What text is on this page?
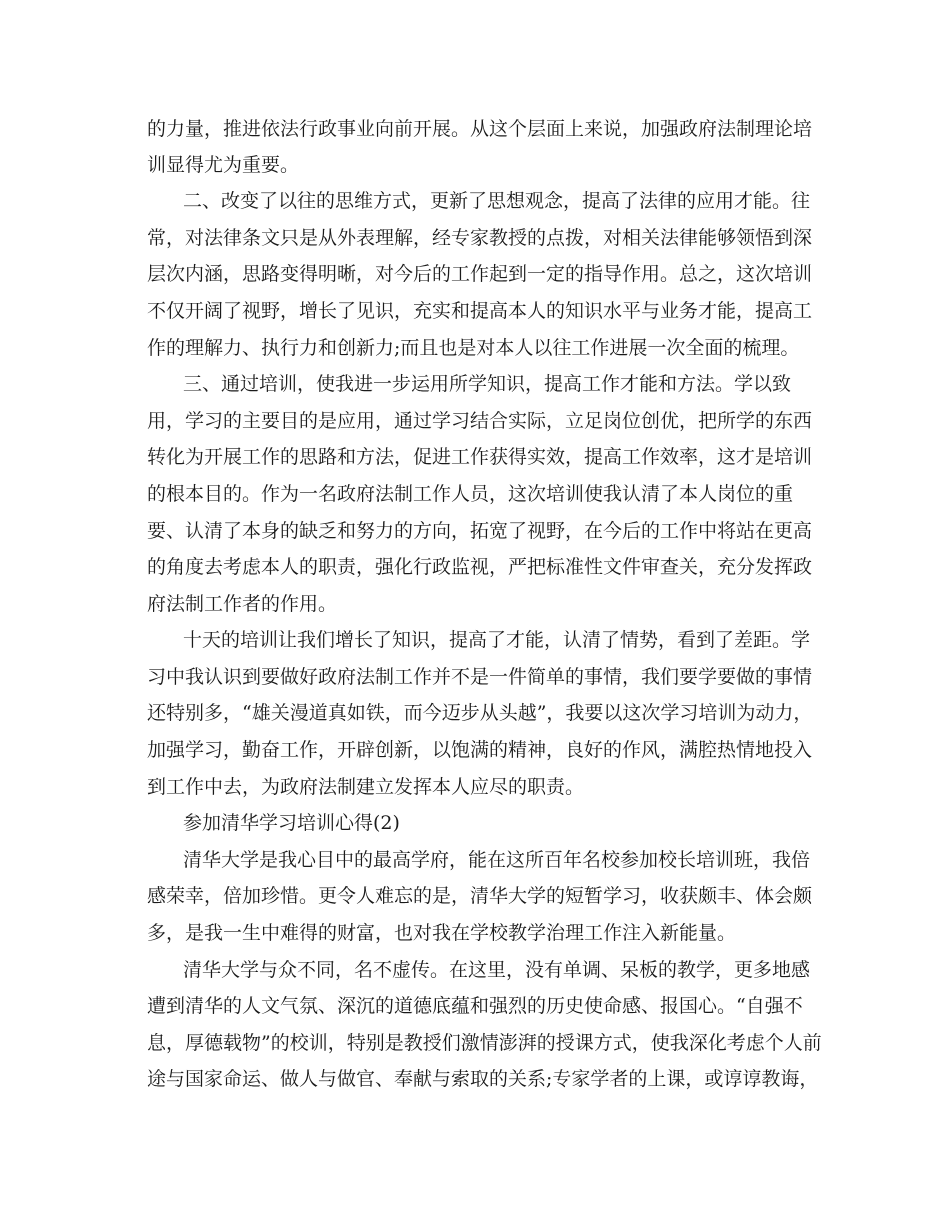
的力量，推进依法行政事业向前开展。从这个层面上来说，加强政府法制理论培

训显得尤为重要。

二、改变了以往的思维方式，更新了思想观念，提高了法律的应用才能。往

常，对法律条文只是从外表理解，经专家教授的点拨，对相关法律能够领悟到深

层次内涵，思路变得明晰，对今后的工作起到一定的指导作用。总之，这次培训

不仅开阔了视野，增长了见识，充实和提高本人的知识水平与业务才能，提高工

作的理解力、执行力和创新力;而且也是对本人以往工作进展一次全面的梳理。

三、通过培训，使我进一步运用所学知识，提高工作才能和方法。学以致

用，学习的主要目的是应用，通过学习结合实际，立足岗位创优，把所学的东西

转化为开展工作的思路和方法，促进工作获得实效，提高工作效率，这才是培训

的根本目的。作为一名政府法制工作人员，这次培训使我认清了本人岗位的重

要、认清了本身的缺乏和努力的方向，拓宽了视野，在今后的工作中将站在更高

的角度去考虑本人的职责，强化行政监视，严把标准性文件审查关，充分发挥政

府法制工作者的作用。

十天的培训让我们增长了知识，提高了才能，认清了情势，看到了差距。学

习中我认识到要做好政府法制工作并不是一件简单的事情，我们要学要做的事情

还特别多，“雄关漫道真如铁，而今迈步从头越”，我要以这次学习培训为动力，

加强学习，勤奋工作，开辟创新，以饱满的精神，良好的作风，满腔热情地投入

到工作中去，为政府法制建立发挥本人应尽的职责。

参加清华学习培训心得(2)

清华大学是我心目中的最高学府，能在这所百年名校参加校长培训班，我倍

感荣幸，倍加珍惜。更令人难忘的是，清华大学的短暂学习，收获颇丰、体会颇

多，是我一生中难得的财富，也对我在学校教学治理工作注入新能量。

清华大学与众不同，名不虚传。在这里，没有单调、呆板的教学，更多地感

遭到清华的人文气氛、深沉的道德底蕴和强烈的历史使命感、报国心。“自强不

息，厚德载物”的校训，特别是教授们激情澎湃的授课方式，使我深化考虑个人前

途与国家命运、做人与做官、奉献与索取的关系;专家学者的上课，或谆谆教诲，
